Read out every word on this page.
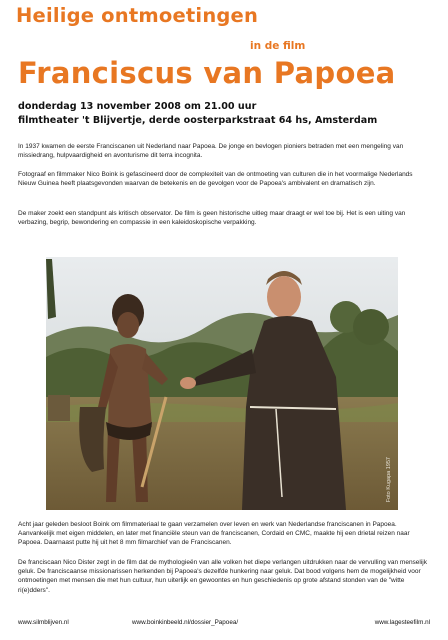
Heilige ontmoetingen
in de film
Franciscus van Papoea
donderdag 13 november 2008 om 21.00 uur
filmtheater 't Blijvertje, derde oosterparkstraat 64 hs, Amsterdam

In 1937 kwamen de eerste Franciscanen uit Nederland naar Papoea. De jonge en bevlogen pioniers betraden met een mengeling van missiedrang, hulpvaardigheid en avonturisme dit terra incognita.

Fotograaf en filmmaker Nico Boink is gefascineerd door de complexiteit van de ontmoeting van culturen die in het voormalige Nederlands Nieuw Guinea heeft plaatsgevonden waarvan de betekenis en de gevolgen voor de Papoea's ambivalent en dramatisch zijn.

De maker zoekt een standpunt als kritisch observator. De film is geen historische uitleg maar draagt er wel toe bij. Het is een uiting van verbazing, begrip, bewondering en compassie in een kaleidoskopische verpakking.

Foto Kugapa 1957

Acht jaar geleden besloot Boink om filmmateriaal te gaan verzamelen over leven en werk van Nederlandse franciscanen in Papoea. Aanvankelijk met eigen middelen, en later met financiële steun van de franciscanen, Cordaid en CMC, maakte hij een drietal reizen naar Papoea. Daarnaast putte hij uit het 8 mm filmarchief van de Franciscanen.

De franciscaan Nico Dister zegt in de film dat de mythologieën van alle volken het diepe verlangen uitdrukken naar de vervulling van menselijk geluk. De franciscaanse missionarissen herkenden bij Papoea's dezelfde hunkering naar geluk. Dat bood volgens hem de mogelijkheid voor ontmoetingen met mensen die met hun cultuur, hun uiterlijk en gewoontes en hun geschiedenis op grote afstand stonden van de "witte ri(e)dders".

www.silmblijven.nl	www.boinkinbeeld.nl/dossier_Papoea/	www.lagesteefilm.nl
